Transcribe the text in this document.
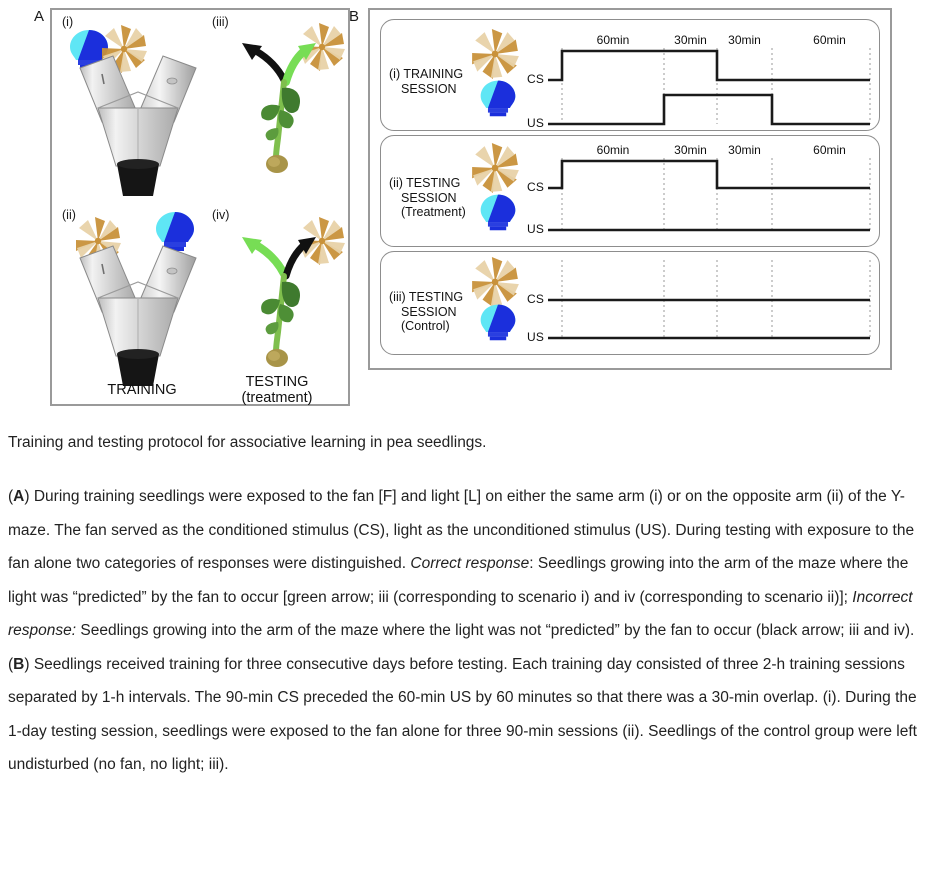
A (i)	(iii)
(ii)	(iv)
TRAINING	TESTING
(treatment)
B
(i) TRAINING
SESSION
CS
US
60min	30min	30min	60min
(ii) TESTING
SESSION
(Treatment)
CS
US
60min	30min	30min	60min
(iii) TESTING
SESSION
(Control)
CS
US
Training and testing protocol for associative learning in pea seedlings.
(A) During training seedlings were exposed to the fan [F] and light [L] on either the same arm (i) or on the opposite arm (ii) of the Y-maze. The fan served as the conditioned stimulus (CS), light as the unconditioned stimulus (US). During testing with exposure to the fan alone two categories of responses were distinguished. Correct response: Seedlings growing into the arm of the maze where the light was “predicted” by the fan to occur [green arrow; iii (corresponding to scenario i) and iv (corresponding to scenario ii)]; Incorrect response: Seedlings growing into the arm of the maze where the light was not “predicted” by the fan to occur (black arrow; iii and iv). (B) Seedlings received training for three consecutive days before testing. Each training day consisted of three 2-h training sessions separated by 1-h intervals. The 90-min CS preceded the 60-min US by 60 minutes so that there was a 30-min overlap. (i). During the 1-day testing session, seedlings were exposed to the fan alone for three 90-min sessions (ii). Seedlings of the control group were left undisturbed (no fan, no light; iii).
